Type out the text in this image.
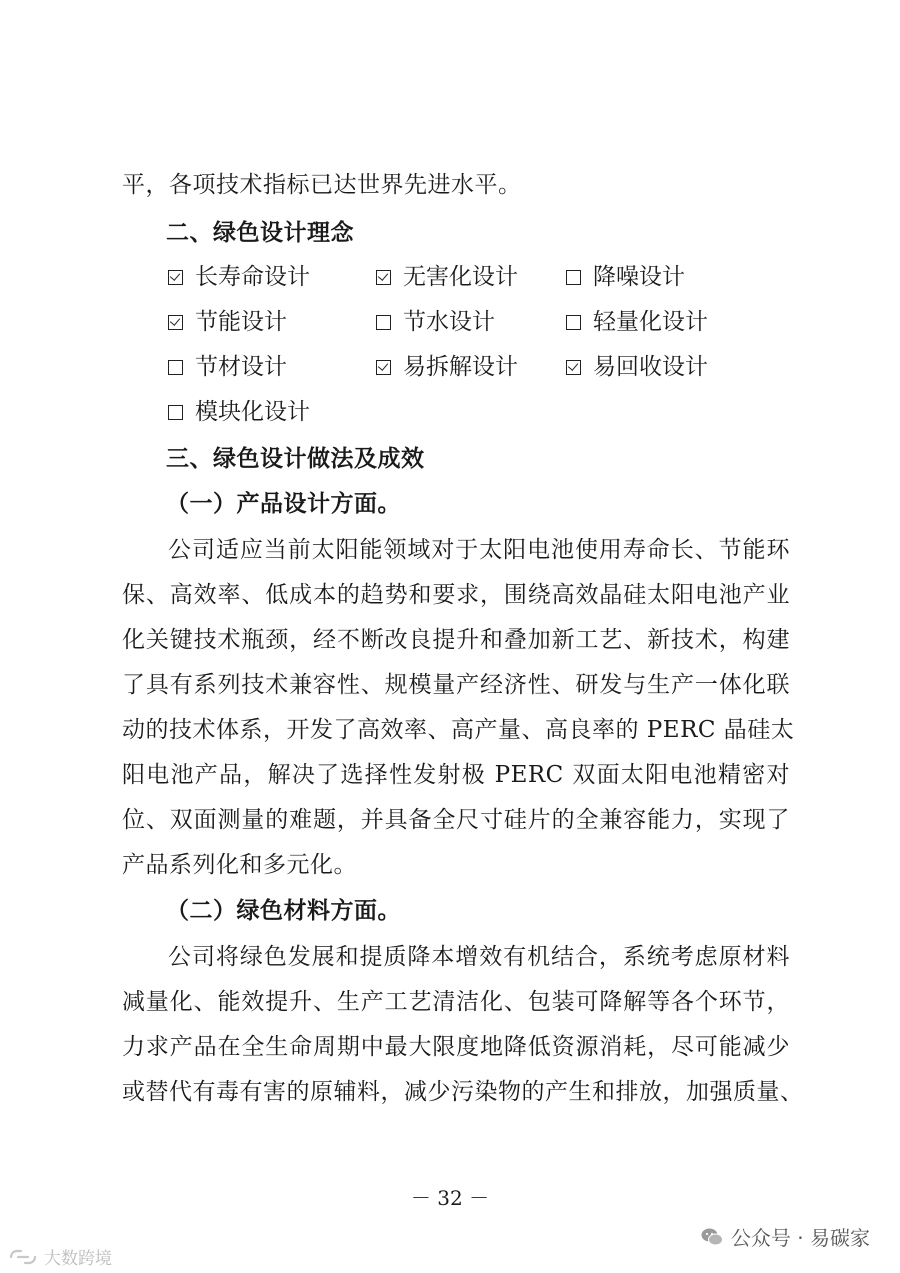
平，各项技术指标已达世界先进水平。
二、绿色设计理念
长寿命设计	无害化设计	降噪设计
节能设计	节水设计	轻量化设计
节材设计	易拆解设计	易回收设计
模块化设计
三、绿色设计做法及成效
（一）产品设计方面。
公司适应当前太阳能领域对于太阳电池使用寿命长、节能环
保、高效率、低成本的趋势和要求，围绕高效晶硅太阳电池产业
化关键技术瓶颈，经不断改良提升和叠加新工艺、新技术，构建
了具有系列技术兼容性、规模量产经济性、研发与生产一体化联
动的技术体系，开发了高效率、高产量、高良率的 PERC 晶硅太
阳电池产品，解决了选择性发射极 PERC 双面太阳电池精密对
位、双面测量的难题，并具备全尺寸硅片的全兼容能力，实现了
产品系列化和多元化。
（二）绿色材料方面。
公司将绿色发展和提质降本增效有机结合，系统考虑原材料
减量化、能效提升、生产工艺清洁化、包装可降解等各个环节，
力求产品在全生命周期中最大限度地降低资源消耗，尽可能减少
或替代有毒有害的原辅料，减少污染物的产生和排放，加强质量、
－ 32 －
公众号 · 易碳家
大数跨境
